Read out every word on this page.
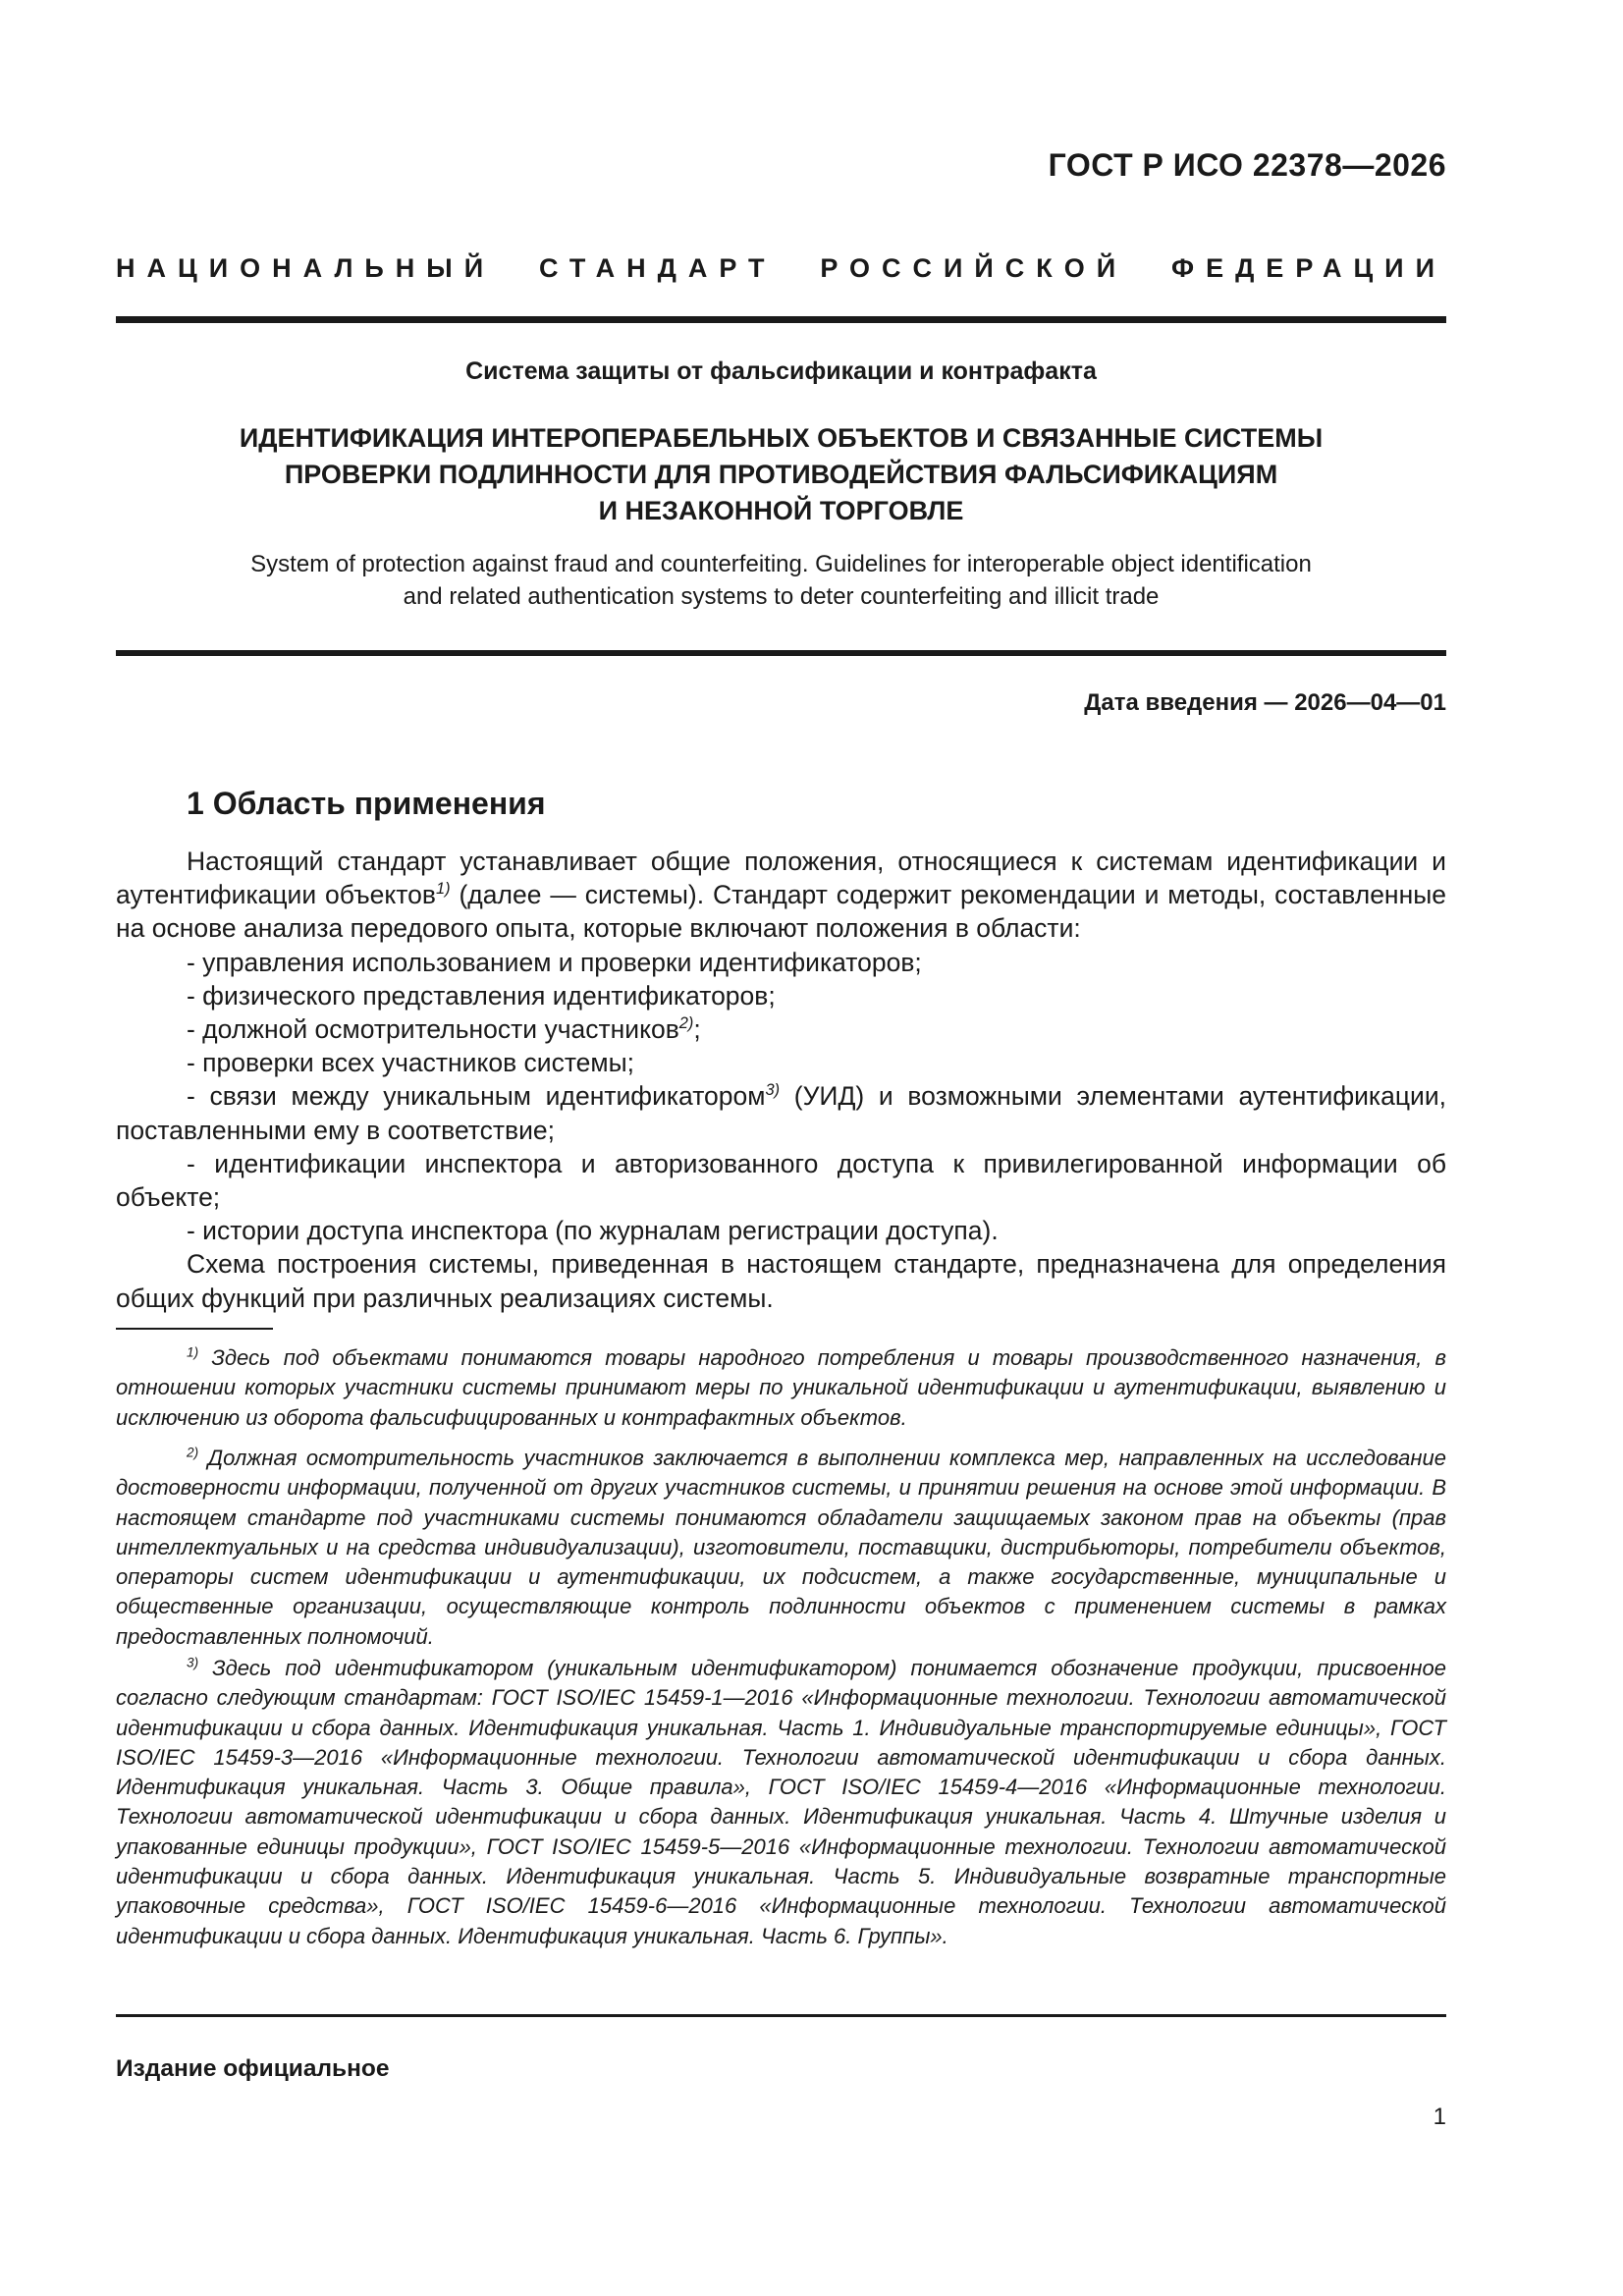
ГОСТ Р ИСО 22378—2026
НАЦИОНАЛЬНЫЙ СТАНДАРТ РОССИЙСКОЙ ФЕДЕРАЦИИ
Система защиты от фальсификации и контрафакта
ИДЕНТИФИКАЦИЯ ИНТЕРОПЕРАБЕЛЬНЫХ ОБЪЕКТОВ И СВЯЗАННЫЕ СИСТЕМЫ
ПРОВЕРКИ ПОДЛИННОСТИ ДЛЯ ПРОТИВОДЕЙСТВИЯ ФАЛЬСИФИКАЦИЯМ
И НЕЗАКОННОЙ ТОРГОВЛЕ
System of protection against fraud and counterfeiting. Guidelines for interoperable object identification
and related authentication systems to deter counterfeiting and illicit trade
Дата введения — 2026—04—01
1 Область применения

Настоящий стандарт устанавливает общие положения, относящиеся к системам идентификации и аутентификации объектов$^{1)}$ (далее — системы). Стандарт содержит рекомендации и методы, составленные на основе анализа передового опыта, которые включают положения в области:

- управления использованием и проверки идентификаторов;

- физического представления идентификаторов;

- должной осмотрительности участников$^{2)}$;

- проверки всех участников системы;

- связи между уникальным идентификатором$^{3)}$ (УИД) и возможными элементами аутентификации, поставленными ему в соответствие;

- идентификации инспектора и авторизованного доступа к привилегированной информации об объекте;

- истории доступа инспектора (по журналам регистрации доступа).

Схема построения системы, приведенная в настоящем стандарте, предназначена для определения общих функций при различных реализациях системы.

$^{1)}$ Здесь под объектами понимаются товары народного потребления и товары производственного назначения, в отношении которых участники системы принимают меры по уникальной идентификации и аутентификации, выявлению и исключению из оборота фальсифицированных и контрафактных объектов.

$^{2)}$ Должная осмотрительность участников заключается в выполнении комплекса мер, направленных на исследование достоверности информации, полученной от других участников системы, и принятии решения на основе этой информации. В настоящем стандарте под участниками системы понимаются обладатели защищаемых законом прав на объекты (прав интеллектуальных и на средства индивидуализации), изготовители, поставщики, дистрибьюторы, потребители объектов, операторы систем идентификации и аутентификации, их подсистем, а также государственные, муниципальные и общественные организации, осуществляющие контроль подлинности объектов с применением системы в рамках предоставленных полномочий.

$^{3)}$ Здесь под идентификатором (уникальным идентификатором) понимается обозначение продукции, присвоенное согласно следующим стандартам: ГОСТ ISO/IEC 15459-1—2016 «Информационные технологии. Технологии автоматической идентификации и сбора данных. Идентификация уникальная. Часть 1. Индивидуальные транспортируемые единицы», ГОСТ ISO/IEC 15459-3—2016 «Информационные технологии. Технологии автоматической идентификации и сбора данных. Идентификация уникальная. Часть 3. Общие правила», ГОСТ ISO/IEC 15459-4—2016 «Информационные технологии. Технологии автоматической идентификации и сбора данных. Идентификация уникальная. Часть 4. Штучные изделия и упакованные единицы продукции», ГОСТ ISO/IEC 15459-5—2016 «Информационные технологии. Технологии автоматической идентификации и сбора данных. Идентификация уникальная. Часть 5. Индивидуальные возвратные транспортные упаковочные средства», ГОСТ ISO/IEC 15459-6—2016 «Информационные технологии. Технологии автоматической идентификации и сбора данных. Идентификация уникальная. Часть 6. Группы».

Издание официальное
1
